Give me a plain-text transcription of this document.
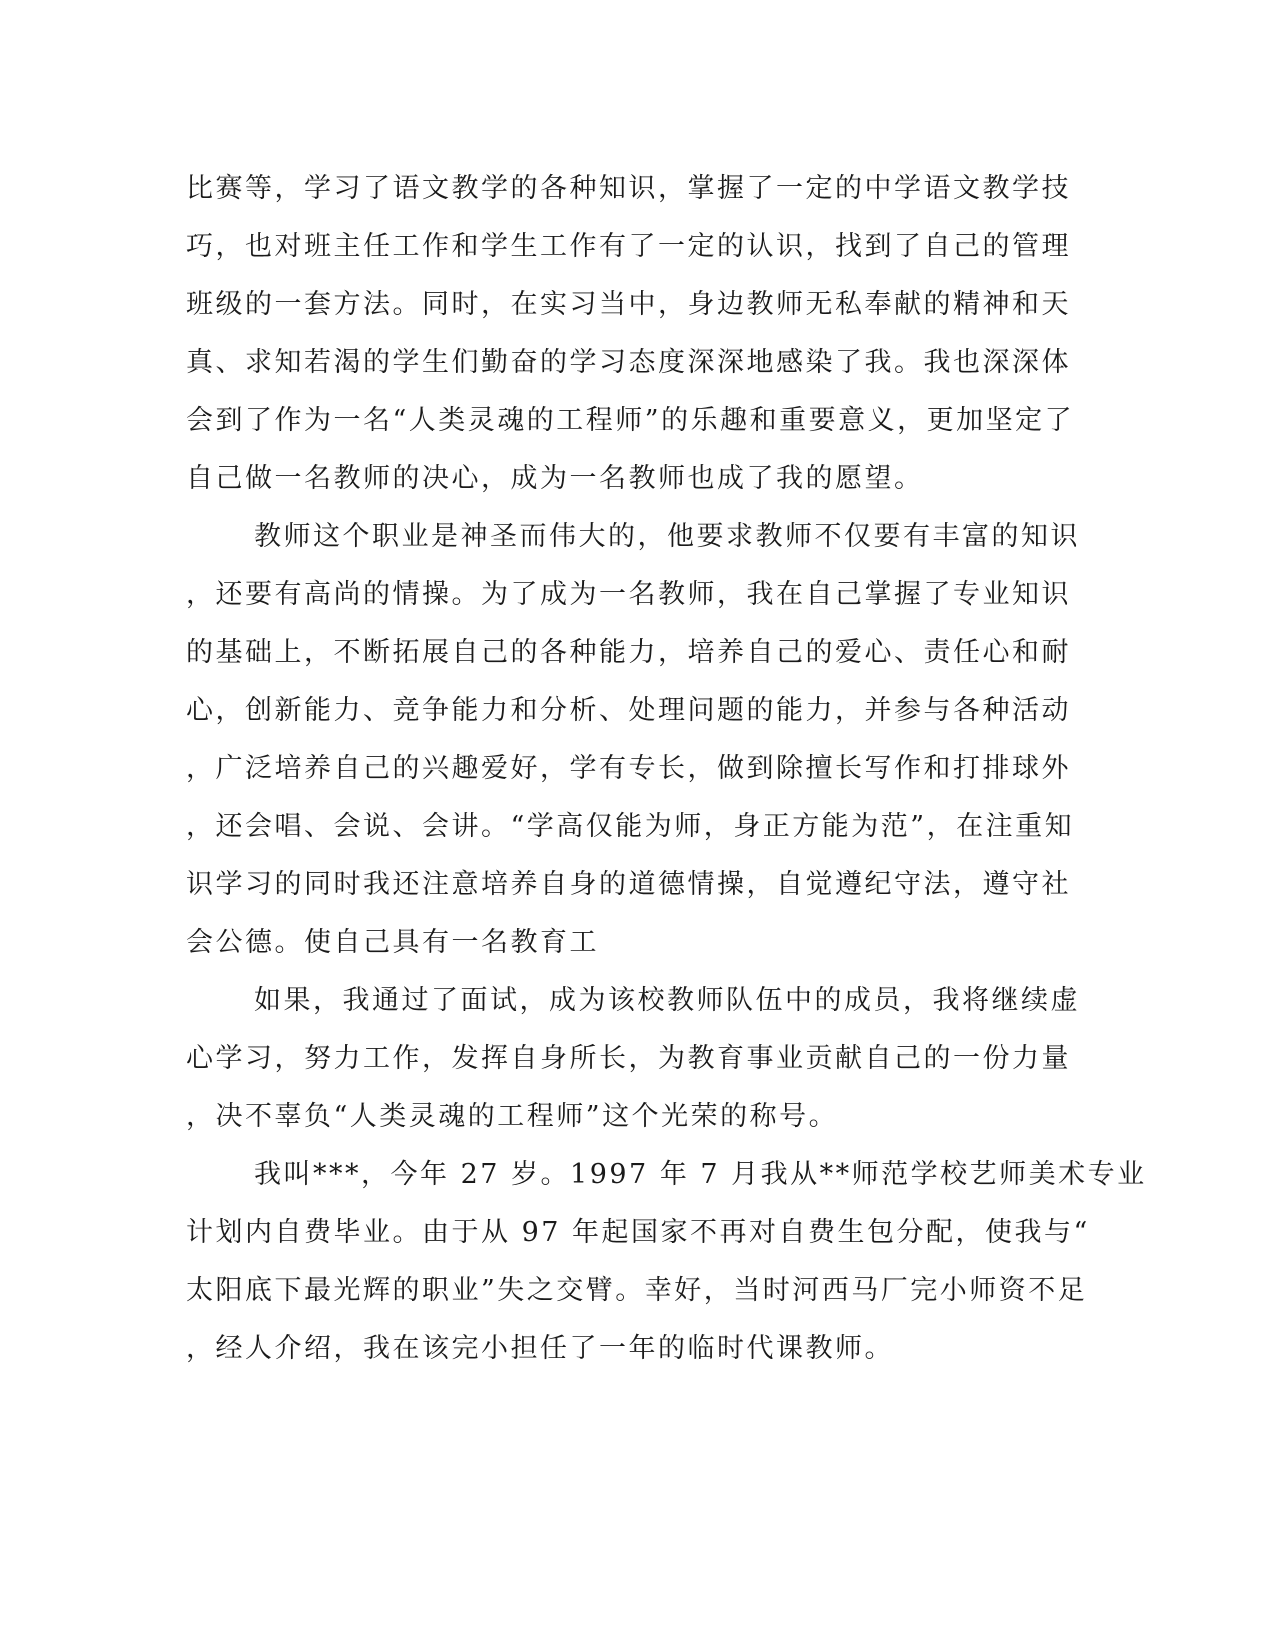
比赛等，学习了语文教学的各种知识，掌握了一定的中学语文教学技
巧，也对班主任工作和学生工作有了一定的认识，找到了自己的管理
班级的一套方法。同时，在实习当中，身边教师无私奉献的精神和天
真、求知若渴的学生们勤奋的学习态度深深地感染了我。我也深深体
会到了作为一名“人类灵魂的工程师”的乐趣和重要意义，更加坚定了
自己做一名教师的决心，成为一名教师也成了我的愿望。
教师这个职业是神圣而伟大的，他要求教师不仅要有丰富的知识
，还要有高尚的情操。为了成为一名教师，我在自己掌握了专业知识
的基础上，不断拓展自己的各种能力，培养自己的爱心、责任心和耐
心，创新能力、竞争能力和分析、处理问题的能力，并参与各种活动
，广泛培养自己的兴趣爱好，学有专长，做到除擅长写作和打排球外
，还会唱、会说、会讲。“学高仅能为师，身正方能为范”，在注重知
识学习的同时我还注意培养自身的道德情操，自觉遵纪守法，遵守社
会公德。使自己具有一名教育工
如果，我通过了面试，成为该校教师队伍中的成员，我将继续虚
心学习，努力工作，发挥自身所长，为教育事业贡献自己的一份力量
，决不辜负“人类灵魂的工程师”这个光荣的称号。
我叫***，今年 27 岁。1997 年 7 月我从**师范学校艺师美术专业
计划内自费毕业。由于从 97 年起国家不再对自费生包分配，使我与“
太阳底下最光辉的职业”失之交臂。幸好，当时河西马厂完小师资不足
，经人介绍，我在该完小担任了一年的临时代课教师。
